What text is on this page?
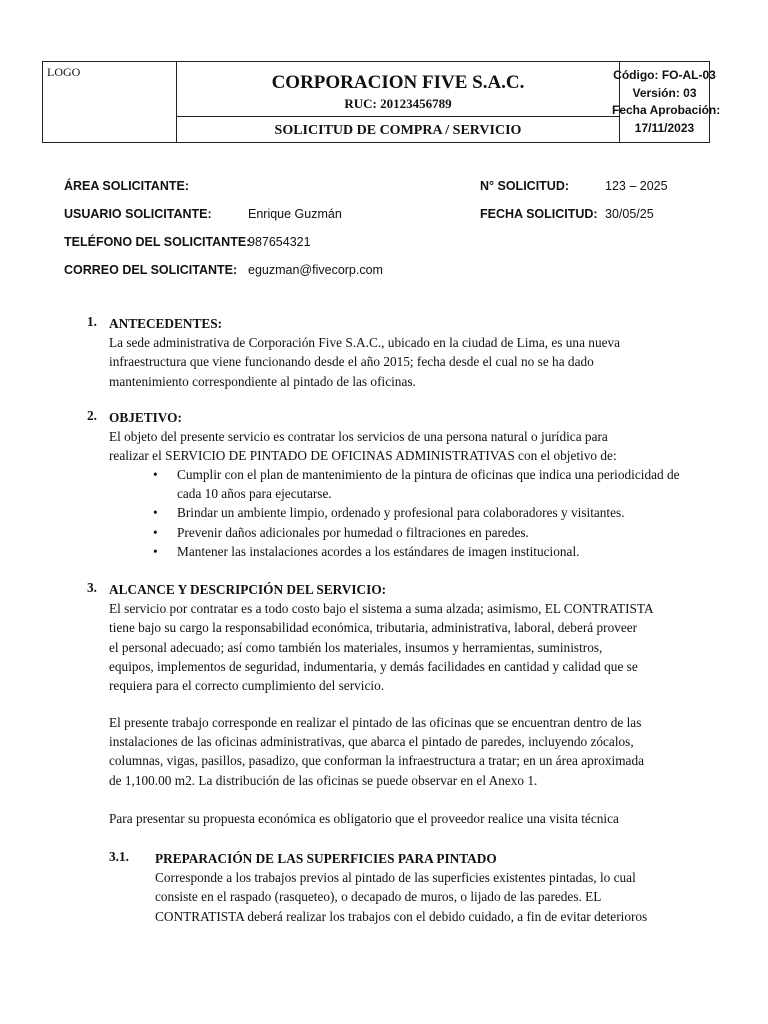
LOGO	CORPORACION FIVE S.A.C.
RUC: 20123456789
SOLICITUD DE COMPRA / SERVICIO
Código: FO-AL-03
Versión: 03
Fecha Aprobación:
17/11/2023
ÁREA SOLICITANTE:
USUARIO SOLICITANTE:	Enrique Guzmán
TELÉFONO DEL SOLICITANTE:
987654321
CORREO DEL SOLICITANTE: eguzman@fivecorp.com
N° SOLICITUD:	123 – 2025
FECHA SOLICITUD: 30/05/25
1. ANTECEDENTES:
La sede administrativa de Corporación Five S.A.C., ubicado en la ciudad de Lima, es una nueva
infraestructura que viene funcionando desde el año 2015; fecha desde el cual no se ha dado
mantenimiento correspondiente al pintado de las oficinas.
2. OBJETIVO:
El objeto del presente servicio es contratar los servicios de una persona natural o jurídica para
realizar el SERVICIO DE PINTADO DE OFICINAS ADMINISTRATIVAS con el objetivo de:
• Cumplir con el plan de mantenimiento de la pintura de oficinas que indica una periodicidad de cada 10 años para ejecutarse.
• Brindar un ambiente limpio, ordenado y profesional para colaboradores y visitantes.
• Prevenir daños adicionales por humedad o filtraciones en paredes.
• Mantener las instalaciones acordes a los estándares de imagen institucional.
3. ALCANCE Y DESCRIPCIÓN DEL SERVICIO:
El servicio por contratar es a todo costo bajo el sistema a suma alzada; asimismo, EL CONTRATISTA
tiene bajo su cargo la responsabilidad económica, tributaria, administrativa, laboral, deberá proveer
el personal adecuado; así como también los materiales, insumos y herramientas, suministros,
equipos, implementos de seguridad, indumentaria, y demás facilidades en cantidad y calidad que se
requiera para el correcto cumplimiento del servicio.
El presente trabajo corresponde en realizar el pintado de las oficinas que se encuentran dentro de las
instalaciones de las oficinas administrativas, que abarca el pintado de paredes, incluyendo zócalos,
columnas, vigas, pasillos, pasadizo, que conforman la infraestructura a tratar; en un área aproximada
de 1,100.00 m2. La distribución de las oficinas se puede observar en el Anexo 1.
Para presentar su propuesta económica es obligatorio que el proveedor realice una visita técnica
3.1. PREPARACIÓN DE LAS SUPERFICIES PARA PINTADO
Corresponde a los trabajos previos al pintado de las superficies existentes pintadas, lo cual
consiste en el raspado (rasqueteo), o decapado de muros, o lijado de las paredes. EL
CONTRATISTA deberá realizar los trabajos con el debido cuidado, a fin de evitar deterioros
